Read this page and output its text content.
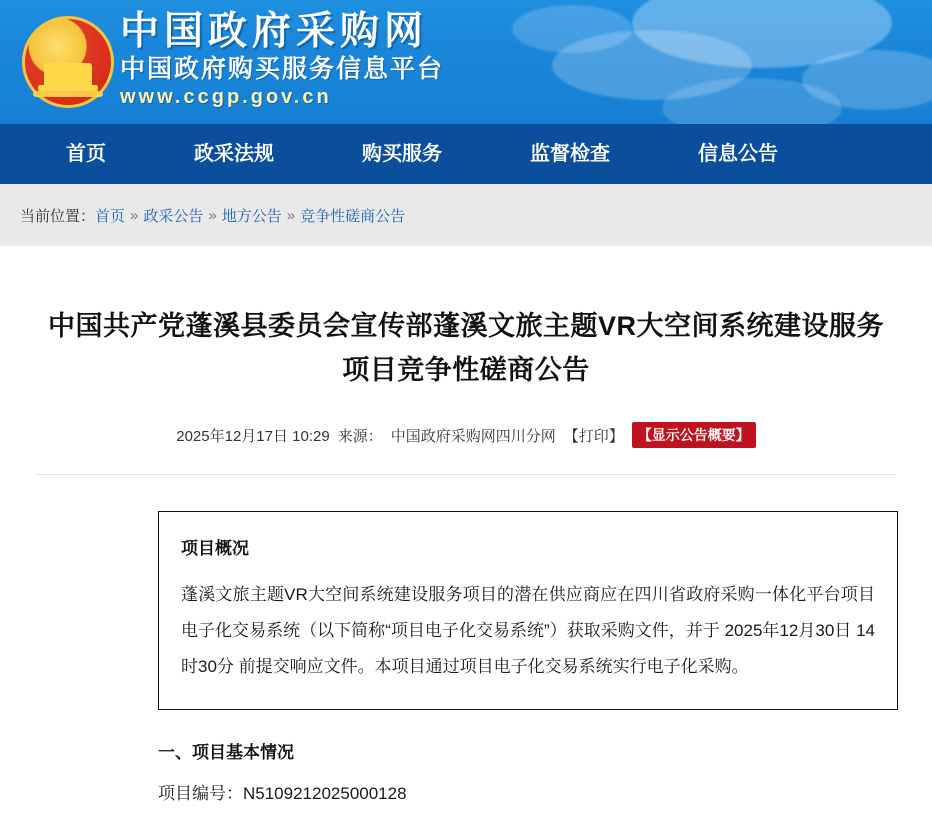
★ 中国政府采购网
中国政府购买服务信息平台
www.ccgp.gov.cn
首页	政采法规	购买服务	监督检查	信息公告
当前位置： 首页 » 政采公告 » 地方公告 » 竞争性磋商公告
中国共产党蓬溪县委员会宣传部蓬溪文旅主题VR大空间系统建设服务项目竞争性磋商公告
2025年12月17日 10:29 来源： 中国政府采购网四川分网 【打印】	【显示公告概要】
项目概况
蓬溪文旅主题VR大空间系统建设服务项目的潜在供应商应在四川省政府采购一体化平台项目电子化交易系统（以下简称“项目电子化交易系统”）获取采购文件，并于 2025年12月30日 14时30分 前提交响应文件。本项目通过项目电子化交易系统实行电子化采购。
一、项目基本情况
项目编号：N5109212025000128
